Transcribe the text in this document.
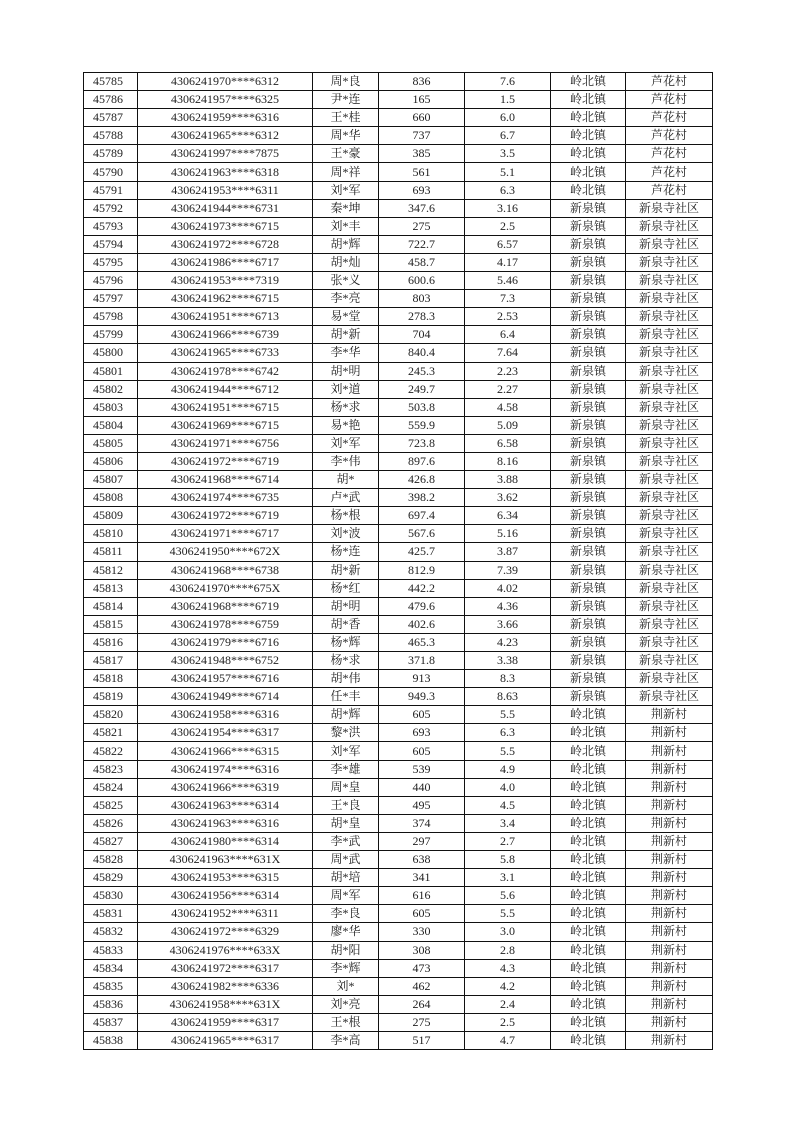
45785	4306241970****6312	周*良	836	7.6	岭北镇	芦花村
45786	4306241957****6325	尹*连	165	1.5	岭北镇	芦花村
45787	4306241959****6316	王*桂	660	6.0	岭北镇	芦花村
45788	4306241965****6312	周*华	737	6.7	岭北镇	芦花村
45789	4306241997****7875	王*豪	385	3.5	岭北镇	芦花村
45790	4306241963****6318	周*祥	561	5.1	岭北镇	芦花村
45791	4306241953****6311	刘*军	693	6.3	岭北镇	芦花村
45792	4306241944****6731	秦*坤	347.6	3.16	新泉镇	新泉寺社区
45793	4306241973****6715	刘*丰	275	2.5	新泉镇	新泉寺社区
45794	4306241972****6728	胡*辉	722.7	6.57	新泉镇	新泉寺社区
45795	4306241986****6717	胡*灿	458.7	4.17	新泉镇	新泉寺社区
45796	4306241953****7319	张*义	600.6	5.46	新泉镇	新泉寺社区
45797	4306241962****6715	李*亮	803	7.3	新泉镇	新泉寺社区
45798	4306241951****6713	易*堂	278.3	2.53	新泉镇	新泉寺社区
45799	4306241966****6739	胡*新	704	6.4	新泉镇	新泉寺社区
45800	4306241965****6733	李*华	840.4	7.64	新泉镇	新泉寺社区
45801	4306241978****6742	胡*明	245.3	2.23	新泉镇	新泉寺社区
45802	4306241944****6712	刘*道	249.7	2.27	新泉镇	新泉寺社区
45803	4306241951****6715	杨*求	503.8	4.58	新泉镇	新泉寺社区
45804	4306241969****6715	易*艳	559.9	5.09	新泉镇	新泉寺社区
45805	4306241971****6756	刘*军	723.8	6.58	新泉镇	新泉寺社区
45806	4306241972****6719	李*伟	897.6	8.16	新泉镇	新泉寺社区
45807	4306241968****6714	胡*	426.8	3.88	新泉镇	新泉寺社区
45808	4306241974****6735	卢*武	398.2	3.62	新泉镇	新泉寺社区
45809	4306241972****6719	杨*根	697.4	6.34	新泉镇	新泉寺社区
45810	4306241971****6717	刘*波	567.6	5.16	新泉镇	新泉寺社区
45811	4306241950****672X	杨*连	425.7	3.87	新泉镇	新泉寺社区
45812	4306241968****6738	胡*新	812.9	7.39	新泉镇	新泉寺社区
45813	4306241970****675X	杨*红	442.2	4.02	新泉镇	新泉寺社区
45814	4306241968****6719	胡*明	479.6	4.36	新泉镇	新泉寺社区
45815	4306241978****6759	胡*香	402.6	3.66	新泉镇	新泉寺社区
45816	4306241979****6716	杨*辉	465.3	4.23	新泉镇	新泉寺社区
45817	4306241948****6752	杨*求	371.8	3.38	新泉镇	新泉寺社区
45818	4306241957****6716	胡*伟	913	8.3	新泉镇	新泉寺社区
45819	4306241949****6714	任*丰	949.3	8.63	新泉镇	新泉寺社区
45820	4306241958****6316	胡*辉	605	5.5	岭北镇	荆新村
45821	4306241954****6317	黎*洪	693	6.3	岭北镇	荆新村
45822	4306241966****6315	刘*军	605	5.5	岭北镇	荆新村
45823	4306241974****6316	李*雄	539	4.9	岭北镇	荆新村
45824	4306241966****6319	周*皇	440	4.0	岭北镇	荆新村
45825	4306241963****6314	王*良	495	4.5	岭北镇	荆新村
45826	4306241963****6316	胡*皇	374	3.4	岭北镇	荆新村
45827	4306241980****6314	李*武	297	2.7	岭北镇	荆新村
45828	4306241963****631X	周*武	638	5.8	岭北镇	荆新村
45829	4306241953****6315	胡*培	341	3.1	岭北镇	荆新村
45830	4306241956****6314	周*军	616	5.6	岭北镇	荆新村
45831	4306241952****6311	李*良	605	5.5	岭北镇	荆新村
45832	4306241972****6329	廖*华	330	3.0	岭北镇	荆新村
45833	4306241976****633X	胡*阳	308	2.8	岭北镇	荆新村
45834	4306241972****6317	李*辉	473	4.3	岭北镇	荆新村
45835	4306241982****6336	刘*	462	4.2	岭北镇	荆新村
45836	4306241958****631X	刘*亮	264	2.4	岭北镇	荆新村
45837	4306241959****6317	王*根	275	2.5	岭北镇	荆新村
45838	4306241965****6317	李*高	517	4.7	岭北镇	荆新村
